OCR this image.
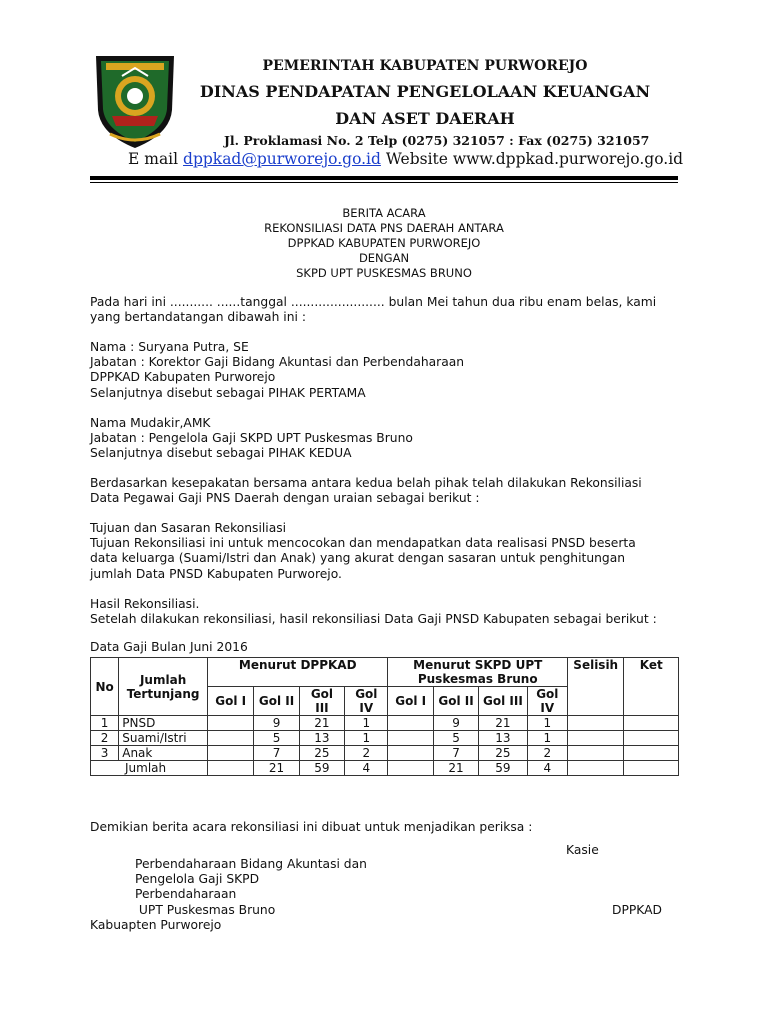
PEMERINTAH KABUPATEN PURWOREJO
DINAS PENDAPATAN PENGELOLAAN KEUANGAN
DAN ASET DAERAH
Jl. Proklamasi No. 2 Telp (0275) 321057 : Fax (0275) 321057
E mail dppkad@purworejo.go.id Website www.dppkad.purworejo.go.id
BERITA ACARA
REKONSILIASI DATA PNS DAERAH ANTARA
DPPKAD KABUPATEN PURWOREJO
DENGAN
SKPD UPT PUSKESMAS BRUNO
Pada hari ini ........... ......tanggal ........................ bulan Mei tahun dua ribu enam belas, kami
yang bertandatangan dibawah ini :
Nama : Suryana Putra, SE
Jabatan : Korektor Gaji Bidang Akuntasi dan Perbendaharaan
DPPKAD Kabupaten Purworejo
Selanjutnya disebut sebagai PIHAK PERTAMA
Nama Mudakir,AMK
Jabatan : Pengelola Gaji SKPD UPT Puskesmas Bruno
Selanjutnya disebut sebagai PIHAK KEDUA
Berdasarkan kesepakatan bersama antara kedua belah pihak telah dilakukan Rekonsiliasi
Data Pegawai Gaji PNS Daerah dengan uraian sebagai berikut :
Tujuan dan Sasaran Rekonsiliasi
Tujuan Rekonsiliasi ini untuk mencocokan dan mendapatkan data realisasi PNSD beserta
data keluarga (Suami/Istri dan Anak) yang akurat dengan sasaran untuk penghitungan
jumlah Data PNSD Kabupaten Purworejo.
Hasil Rekonsiliasi.
Setelah dilakukan rekonsiliasi, hasil rekonsiliasi Data Gaji PNSD Kabupaten sebagai berikut :
Data Gaji Bulan Juni 2016
No	Jumlah Tertunjang	Menurut DPPKAD				Menurut SKPD UPT Puskesmas Bruno				Selisih	Ket
		Gol I	Gol II	Gol III	Gol IV	Gol I	Gol II	Gol III	Gol IV		
1	PNSD		9	21	1		9	21	1		
2	Suami/Istri		5	13	1		5	13	1		
3	Anak		7	25	2		7	25	2		
Jumlah			21	59	4		21	59	4		
Demikian berita acara rekonsiliasi ini dibuat untuk menjadikan periksa :
Kasie
Perbendaharaan Bidang Akuntasi dan
Pengelola Gaji SKPD
Perbendaharaan
UPT Puskesmas Bruno	DPPKAD
Kabuapten Purworejo
